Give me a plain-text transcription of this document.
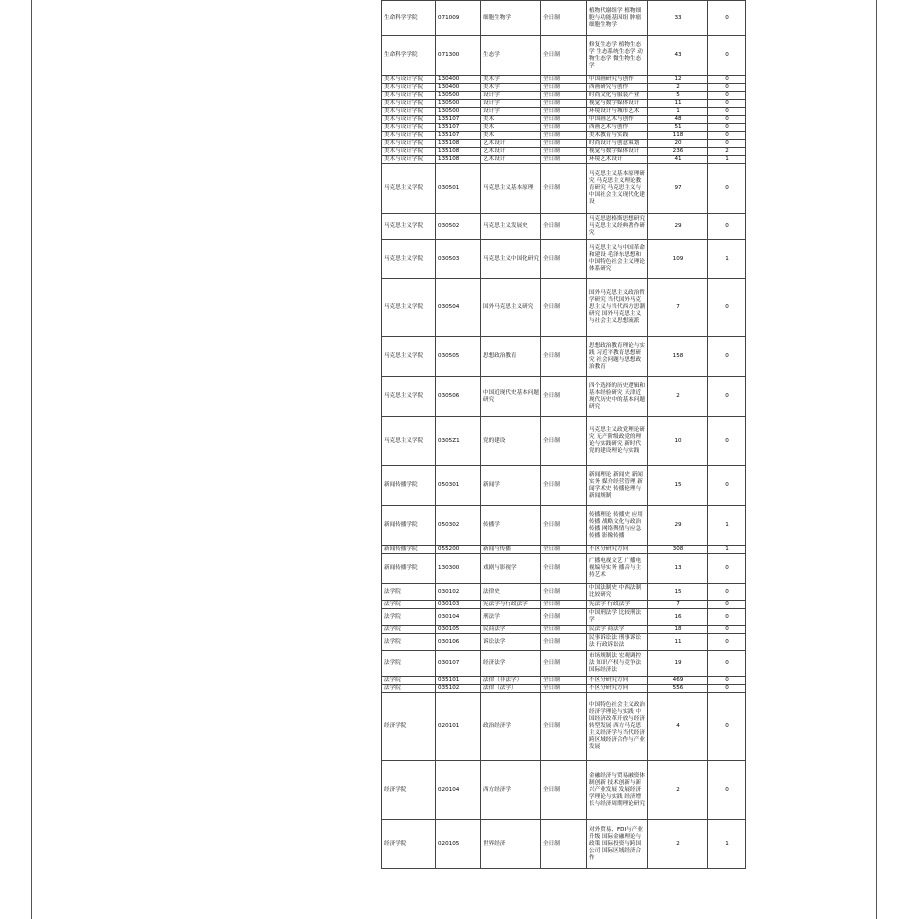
生命科学学院	071009	细胞生物学	全日制	植物代谢组学 植物细胞与功能基因组 肿瘤细胞生物学	33	0
生命科学学院	071300	生态学	全日制	修复生态学 植物生态学 生态系统生态学 动物生态学 微生物生态学	43	0
美术与设计学院	130400	美术学	全日制	中国画研究与创作	12	0
美术与设计学院	130400	美术学	全日制	西画研究与创作	2	0
美术与设计学院	130500	设计学	全日制	时尚文化与服装产业	5	0
美术与设计学院	130500	设计学	全日制	视觉与数字媒体设计	11	0
美术与设计学院	130500	设计学	全日制	环境设计与城市艺术	1	0
美术与设计学院	135107	美术	全日制	中国画艺术与创作	48	0
美术与设计学院	135107	美术	全日制	西画艺术与创作	51	0
美术与设计学院	135107	美术	全日制	美术教育与实践	118	0
美术与设计学院	135108	艺术设计	全日制	时尚设计与创意策划	20	0
美术与设计学院	135108	艺术设计	全日制	视觉与数字媒体设计	236	2
美术与设计学院	135108	艺术设计	全日制	环境艺术设计	41	1
马克思主义学院	030501	马克思主义基本原理	全日制	马克思主义基本原理研究 马克思主义理论教育研究 马克思主义与中国社会主义现代化建设	97	0
马克思主义学院	030502	马克思主义发展史	全日制	马克思恩格斯思想研究 马克思主义经典著作研究	29	0
马克思主义学院	030503	马克思主义中国化研究	全日制	马克思主义与中国革命和建设 毛泽东思想和中国特色社会主义理论体系研究	109	1
马克思主义学院	030504	国外马克思主义研究	全日制	国外马克思主义政治哲学研究 当代国外马克思主义与当代西方思潮研究 国外马克思主义与社会主义思想流派	7	0
马克思主义学院	030505	思想政治教育	全日制	思想政治教育理论与实践 习近平教育思想研究 社会问题与思想政治教育	158	0
马克思主义学院	030506	中国近现代史基本问题研究	全日制	四个选择的历史逻辑和基本经验研究 天津近现代历史中的基本问题研究	2	0
马克思主义学院	0305Z1	党的建设	全日制	马克思主义政党理论研究 无产阶级政党的理论与实践研究 新时代党的建设理论与实践	10	0
新闻传播学院	050301	新闻学	全日制	新闻理论 新闻史 新闻实务 媒介经营管理 新闻学术史 传播伦理与新闻规制	15	0
新闻传播学院	050302	传播学	全日制	传播理论 传播史 应用传播 战略文化与政治传播 网络舆情与应急传播 影像传播	29	1
新闻传播学院	055200	新闻与传播	全日制	不区分研究方向	308	1
新闻传播学院	130300	戏剧与影视学	全日制	广播电视文艺 广播电视编导实务 播音与主持艺术	13	0
法学院	030102	法律史	全日制	中国法制史 中西法制比较研究	15	0
法学院	030103	宪法学与行政法学	全日制	宪法学 行政法学	7	0
法学院	030104	刑法学	全日制	中国刑法学 比较刑法学	16	0
法学院	030105	民商法学	全日制	民法学 商法学	18	0
法学院	030106	诉讼法学	全日制	民事诉讼法 刑事诉讼法 行政诉讼法	11	0
法学院	030107	经济法学	全日制	市场规制法 宏观调控法 知识产权与竞争法 国际经济法	19	0
法学院	035101	法律（非法学）	全日制	不区分研究方向	469	0
法学院	035102	法律（法学）	全日制	不区分研究方向	556	0
经济学院	020101	政治经济学	全日制	中国特色社会主义政治经济学理论与实践 中国经济改革开放与经济转型发展 西方马克思主义经济学与当代经济 跨区域经济合作与产业发展	4	0
经济学院	020104	西方经济学	全日制	金融经济与贸易融资体制创新 技术创新与新兴产业发展 发展经济学理论与实践 经济增长与经济周期理论研究	2	0
经济学院	020105	世界经济	全日制	对外贸易、FDI与产业升级 国际金融理论与政策 国际投资与跨国公司 国际区域经济合作	2	1
